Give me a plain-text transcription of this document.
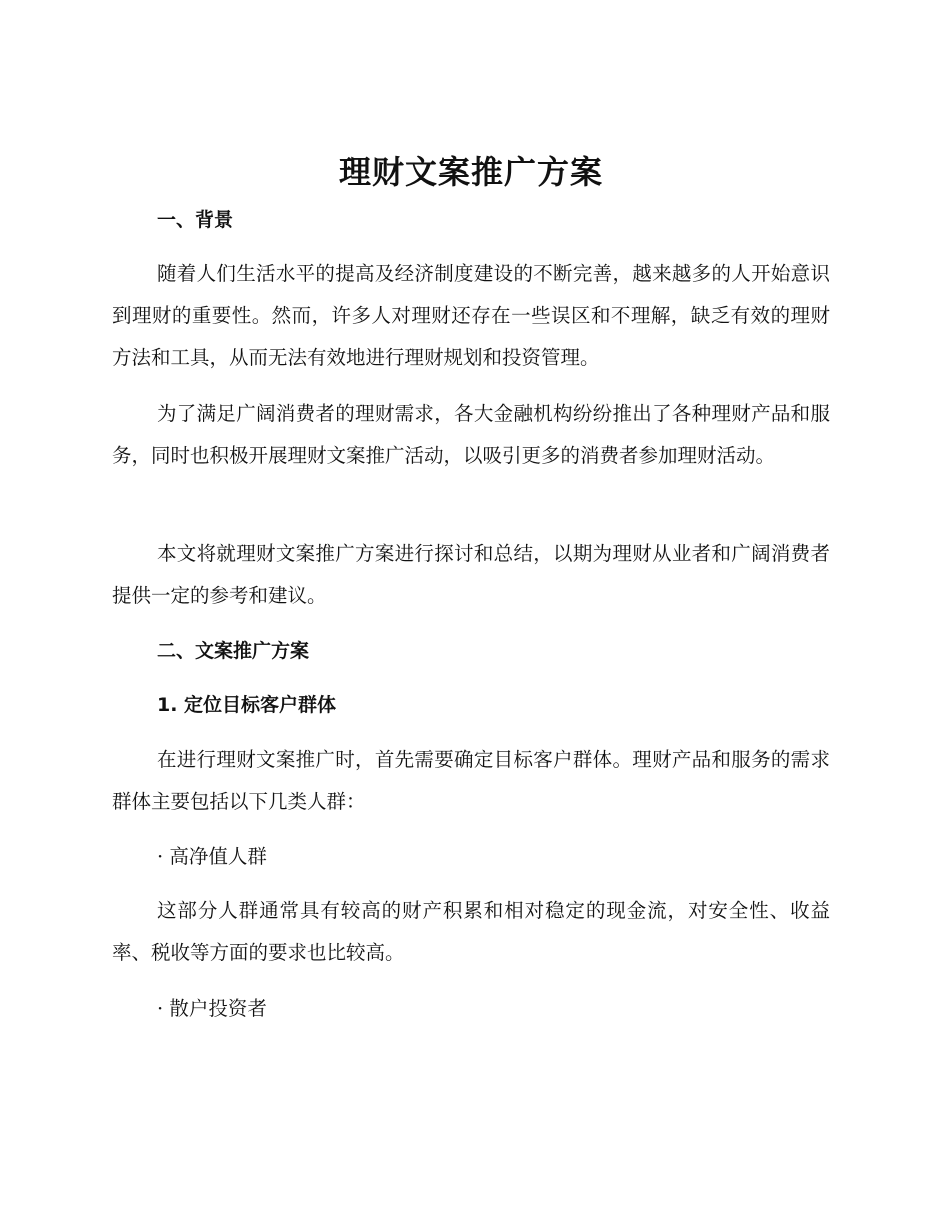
理财文案推广方案
一、背景

随着人们生活水平的提高及经济制度建设的不断完善，越来越多的人开始意识到理财的重要性。然而，许多人对理财还存在一些误区和不理解，缺乏有效的理财方法和工具，从而无法有效地进行理财规划和投资管理。

为了满足广阔消费者的理财需求，各大金融机构纷纷推出了各种理财产品和服务，同时也积极开展理财文案推广活动，以吸引更多的消费者参加理财活动。

本文将就理财文案推广方案进行探讨和总结，以期为理财从业者和广阔消费者提供一定的参考和建议。

二、文案推广方案
1. 定位目标客户群体

在进行理财文案推广时，首先需要确定目标客户群体。理财产品和服务的需求群体主要包括以下几类人群：

· 高净值人群

这部分人群通常具有较高的财产积累和相对稳定的现金流，对安全性、收益率、税收等方面的要求也比较高。

· 散户投资者
